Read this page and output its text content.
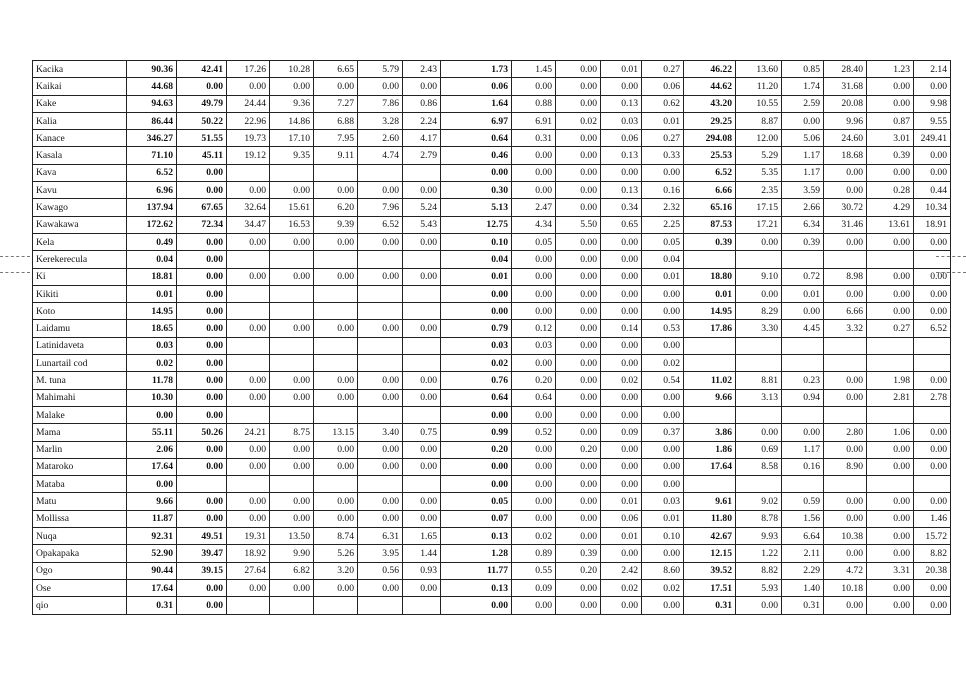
Kacika	90.36	42.41	17.26	10.28	6.65	5.79	2.43	1.73	1.45	0.00	0.01	0.27	46.22	13.60	0.85	28.40	1.23	2.14
Kaikai	44.68	0.00	0.00	0.00	0.00	0.00	0.00	0.06	0.00	0.00	0.00	0.06	44.62	11.20	1.74	31.68	0.00	0.00
Kake	94.63	49.79	24.44	9.36	7.27	7.86	0.86	1.64	0.88	0.00	0.13	0.62	43.20	10.55	2.59	20.08	0.00	9.98
Kalia	86.44	50.22	22.96	14.86	6.88	3.28	2.24	6.97	6.91	0.02	0.03	0.01	29.25	8.87	0.00	9.96	0.87	9.55
Kanace	346.27	51.55	19.73	17.10	7.95	2.60	4.17	0.64	0.31	0.00	0.06	0.27	294.08	12.00	5.06	24.60	3.01	249.41
Kasala	71.10	45.11	19.12	9.35	9.11	4.74	2.79	0.46	0.00	0.00	0.13	0.33	25.53	5.29	1.17	18.68	0.39	0.00
Kava	6.52	0.00						0.00	0.00	0.00	0.00	0.00	6.52	5.35	1.17	0.00	0.00	0.00
Kavu	6.96	0.00	0.00	0.00	0.00	0.00	0.00	0.30	0.00	0.00	0.13	0.16	6.66	2.35	3.59	0.00	0.28	0.44
Kawago	137.94	67.65	32.64	15.61	6.20	7.96	5.24	5.13	2.47	0.00	0.34	2.32	65.16	17.15	2.66	30.72	4.29	10.34
Kawakawa	172.62	72.34	34.47	16.53	9.39	6.52	5.43	12.75	4.34	5.50	0.65	2.25	87.53	17.21	6.34	31.46	13.61	18.91
Kela	0.49	0.00	0.00	0.00	0.00	0.00	0.00	0.10	0.05	0.00	0.00	0.05	0.39	0.00	0.39	0.00	0.00	0.00
Kerekerecula	0.04	0.00						0.04	0.00	0.00	0.00	0.04						
Ki	18.81	0.00	0.00	0.00	0.00	0.00	0.00	0.01	0.00	0.00	0.00	0.01	18.80	9.10	0.72	8.98	0.00	0.00
Kikiti	0.01	0.00						0.00	0.00	0.00	0.00	0.00	0.01	0.00	0.01	0.00	0.00	0.00
Koto	14.95	0.00						0.00	0.00	0.00	0.00	0.00	14.95	8.29	0.00	6.66	0.00	0.00
Laidamu	18.65	0.00	0.00	0.00	0.00	0.00	0.00	0.79	0.12	0.00	0.14	0.53	17.86	3.30	4.45	3.32	0.27	6.52
Latinidaveta	0.03	0.00						0.03	0.03	0.00	0.00	0.00						
Lunartail cod	0.02	0.00						0.02	0.00	0.00	0.00	0.02						
M. tuna	11.78	0.00	0.00	0.00	0.00	0.00	0.00	0.76	0.20	0.00	0.02	0.54	11.02	8.81	0.23	0.00	1.98	0.00
Mahimahi	10.30	0.00	0.00	0.00	0.00	0.00	0.00	0.64	0.64	0.00	0.00	0.00	9.66	3.13	0.94	0.00	2.81	2.78
Malake	0.00	0.00						0.00	0.00	0.00	0.00	0.00						
Mama	55.11	50.26	24.21	8.75	13.15	3.40	0.75	0.99	0.52	0.00	0.09	0.37	3.86	0.00	0.00	2.80	1.06	0.00
Marlin	2.06	0.00	0.00	0.00	0.00	0.00	0.00	0.20	0.00	0.20	0.00	0.00	1.86	0.69	1.17	0.00	0.00	0.00
Mataroko	17.64	0.00	0.00	0.00	0.00	0.00	0.00	0.00	0.00	0.00	0.00	0.00	17.64	8.58	0.16	8.90	0.00	0.00
Mataba	0.00							0.00	0.00	0.00	0.00	0.00						
Matu	9.66	0.00	0.00	0.00	0.00	0.00	0.00	0.05	0.00	0.00	0.01	0.03	9.61	9.02	0.59	0.00	0.00	0.00
Mollissa	11.87	0.00	0.00	0.00	0.00	0.00	0.00	0.07	0.00	0.00	0.06	0.01	11.80	8.78	1.56	0.00	0.00	1.46
Nuqa	92.31	49.51	19.31	13.50	8.74	6.31	1.65	0.13	0.02	0.00	0.01	0.10	42.67	9.93	6.64	10.38	0.00	15.72
Opakapaka	52.90	39.47	18.92	9.90	5.26	3.95	1.44	1.28	0.89	0.39	0.00	0.00	12.15	1.22	2.11	0.00	0.00	8.82
Ogo	90.44	39.15	27.64	6.82	3.20	0.56	0.93	11.77	0.55	0.20	2.42	8.60	39.52	8.82	2.29	4.72	3.31	20.38
Ose	17.64	0.00	0.00	0.00	0.00	0.00	0.00	0.13	0.09	0.00	0.02	0.02	17.51	5.93	1.40	10.18	0.00	0.00
qio	0.31	0.00						0.00	0.00	0.00	0.00	0.00	0.31	0.00	0.31	0.00	0.00	0.00
